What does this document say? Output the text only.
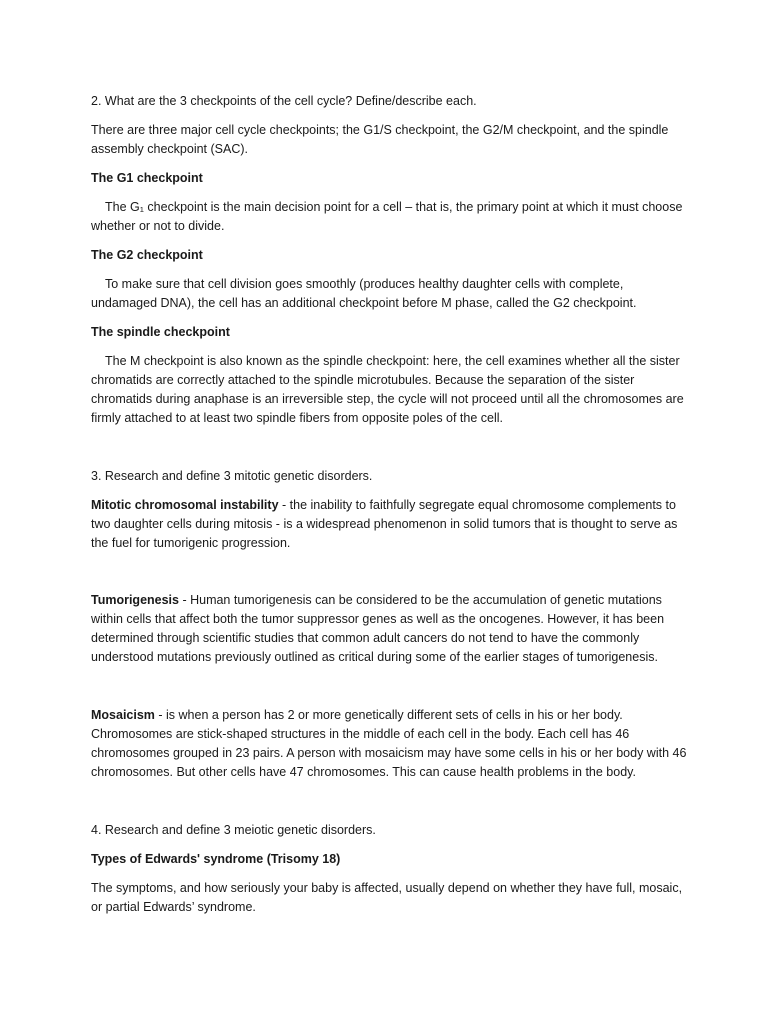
2. What are the 3 checkpoints of the cell cycle? Define/describe each.

There are three major cell cycle checkpoints; the G1/S checkpoint, the G2/M checkpoint, and the spindle assembly checkpoint (SAC).

The G1 checkpoint

The G₁ checkpoint is the main decision point for a cell – that is, the primary point at which it must choose whether or not to divide.

The G2 checkpoint

To make sure that cell division goes smoothly (produces healthy daughter cells with complete, undamaged DNA), the cell has an additional checkpoint before M phase, called the G2 checkpoint.

The spindle checkpoint

The M checkpoint is also known as the spindle checkpoint: here, the cell examines whether all the sister chromatids are correctly attached to the spindle microtubules. Because the separation of the sister chromatids during anaphase is an irreversible step, the cycle will not proceed until all the chromosomes are firmly attached to at least two spindle fibers from opposite poles of the cell.

3. Research and define 3 mitotic genetic disorders.

Mitotic chromosomal instability - the inability to faithfully segregate equal chromosome complements to two daughter cells during mitosis - is a widespread phenomenon in solid tumors that is thought to serve as the fuel for tumorigenic progression.

Tumorigenesis - Human tumorigenesis can be considered to be the accumulation of genetic mutations within cells that affect both the tumor suppressor genes as well as the oncogenes. However, it has been determined through scientific studies that common adult cancers do not tend to have the commonly understood mutations previously outlined as critical during some of the earlier stages of tumorigenesis.

Mosaicism - is when a person has 2 or more genetically different sets of cells in his or her body. Chromosomes are stick-shaped structures in the middle of each cell in the body. Each cell has 46 chromosomes grouped in 23 pairs. A person with mosaicism may have some cells in his or her body with 46 chromosomes. But other cells have 47 chromosomes. This can cause health problems in the body.

4. Research and define 3 meiotic genetic disorders.

Types of Edwards' syndrome (Trisomy 18)

The symptoms, and how seriously your baby is affected, usually depend on whether they have full, mosaic, or partial Edwards’ syndrome.
